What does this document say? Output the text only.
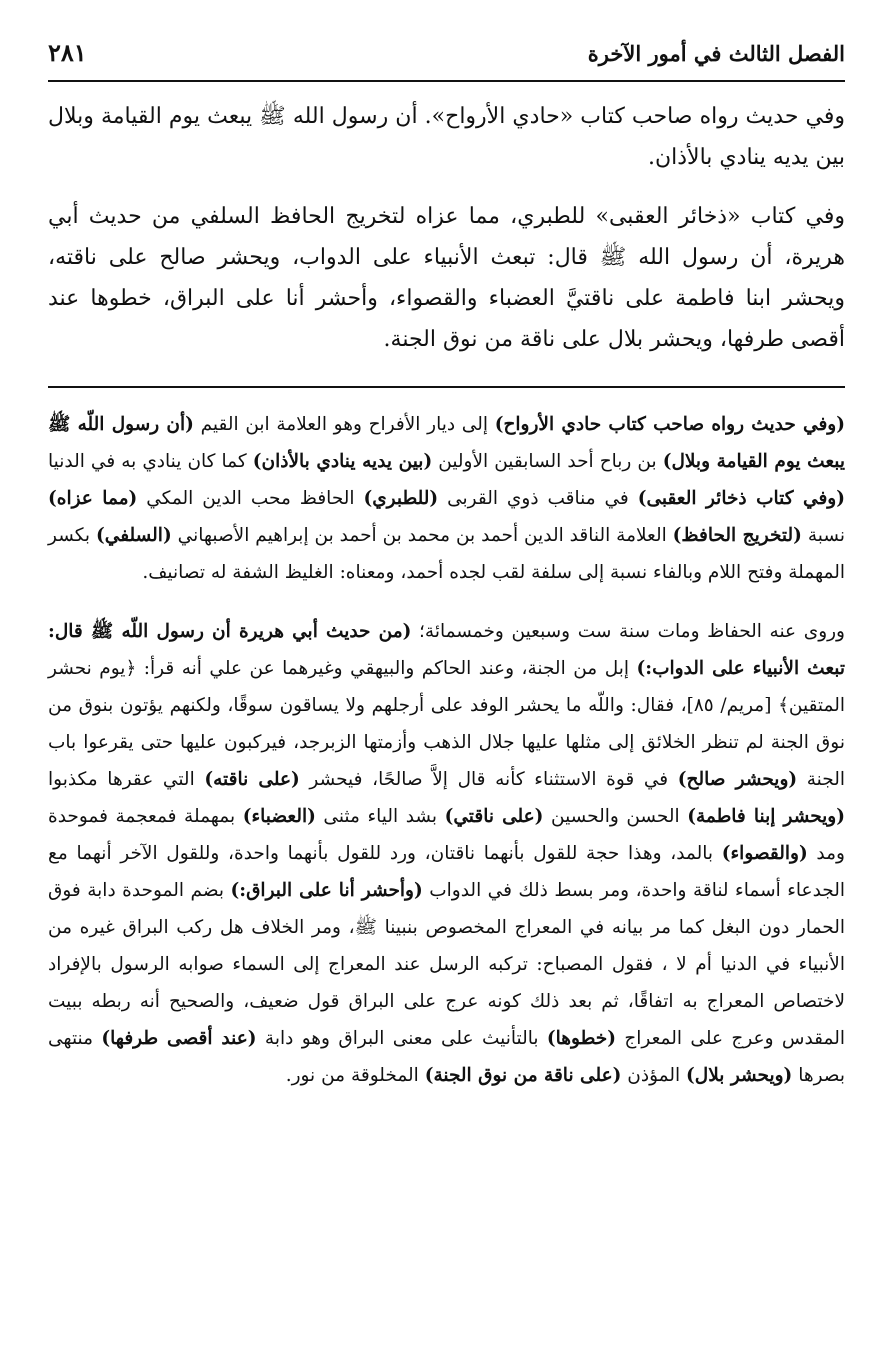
الفصل الثالث في أمور الآخرة
٢٨١

وفي حديث رواه صاحب كتاب «حادي الأرواح». أن رسول الله ﷺ يبعث يوم القيامة وبلال بين يديه ينادي بالأذان.

وفي كتاب «ذخائر العقبى» للطبري، مما عزاه لتخريج الحافظ السلفي من حديث أبي هريرة، أن رسول الله ﷺ قال: تبعث الأنبياء على الدواب، ويحشر صالح على ناقته، ويحشر ابنا فاطمة على ناقتيَّ العضباء والقصواء، وأحشر أنا على البراق، خطوها عند أقصى طرفها، ويحشر بلال على ناقة من نوق الجنة.

(وفي حديث رواه صاحب كتاب حادي الأرواح) إلى ديار الأفراح وهو العلامة ابن القيم (أن رسول اللّه ﷺ يبعث يوم القيامة وبلال) بن رباح أحد السابقين الأولين (بين يديه ينادي بالأذان) كما كان ينادي به في الدنيا (وفي كتاب ذخائر العقبى) في مناقب ذوي القربى (للطبري) الحافظ محب الدين المكي (مما عزاه) نسبة (لتخريج الحافظ) العلامة الناقد الدين أحمد بن محمد بن أحمد بن إبراهيم الأصبهاني (السلفي) بكسر المهملة وفتح اللام وبالفاء نسبة إلى سلفة لقب لجده أحمد، ومعناه: الغليظ الشفة له تصانيف.

وروى عنه الحفاظ ومات سنة ست وسبعين وخمسمائة؛ (من حديث أبي هريرة أن رسول اللّه ﷺ قال: تبعث الأنبياء على الدواب:) إبل من الجنة، وعند الحاكم والبيهقي وغيرهما عن علي أنه قرأ: ﴿يوم نحشر المتقين﴾ [مريم/ ٨٥]، فقال: واللّه ما يحشر الوفد على أرجلهم ولا يساقون سوقًا، ولكنهم يؤتون بنوق من نوق الجنة لم تنظر الخلائق إلى مثلها عليها جلال الذهب وأزمتها الزبرجد، فيركبون عليها حتى يقرعوا باب الجنة (ويحشر صالح) في قوة الاستثناء كأنه قال إلاَّ صالحًا، فيحشر (على ناقته) التي عقرها مكذبوا (ويحشر إبنا فاطمة) الحسن والحسين (على ناقتي) بشد الياء مثنى (العضباء) بمهملة فمعجمة فموحدة ومد (والقصواء) بالمد، وهذا حجة للقول بأنهما ناقتان، ورد للقول بأنهما واحدة، وللقول الآخر أنهما مع الجدعاء أسماء لناقة واحدة، ومر بسط ذلك في الدواب (وأحشر أنا على البراق:) بضم الموحدة دابة فوق الحمار دون البغل كما مر بيانه في المعراج المخصوص بنبينا ﷺ، ومر الخلاف هل ركب البراق غيره من الأنبياء في الدنيا أم لا ، فقول المصباح: تركبه الرسل عند المعراج إلى السماء صوابه الرسول بالإفراد لاختصاص المعراج به اتفاقًا، ثم بعد ذلك كونه عرج على البراق قول ضعيف، والصحيح أنه ربطه ببيت المقدس وعرج على المعراج (خطوها) بالتأنيث على معنى البراق وهو دابة (عند أقصى طرفها) منتهى بصرها (ويحشر بلال) المؤذن (على ناقة من نوق الجنة) المخلوقة من نور.
